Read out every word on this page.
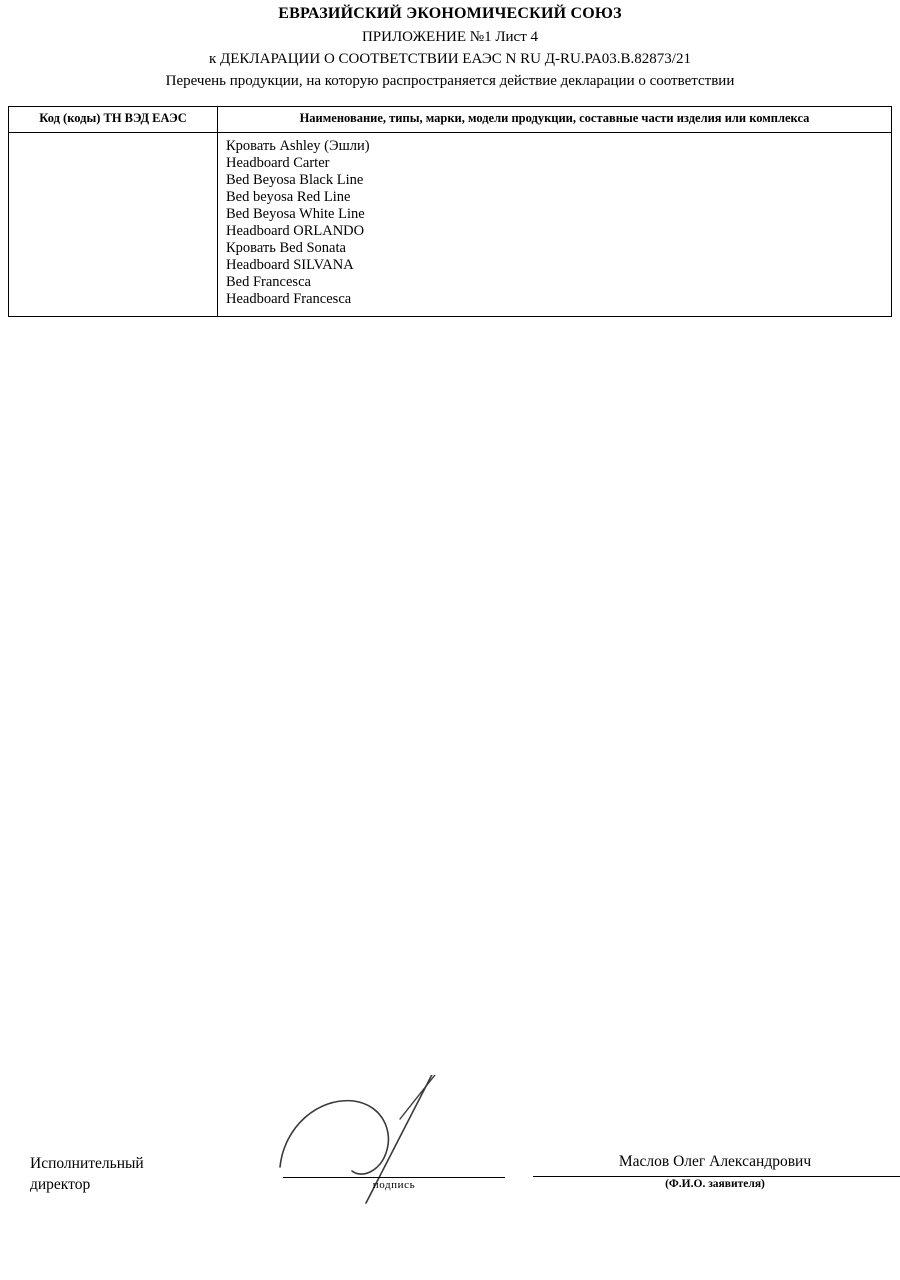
ЕВРАЗИЙСКИЙ ЭКОНОМИЧЕСКИЙ СОЮЗ
ПРИЛОЖЕНИЕ №1 Лист 4
к ДЕКЛАРАЦИИ О СООТВЕТСТВИИ ЕАЭС N RU Д-RU.РА03.В.82873/21
Перечень продукции, на которую распространяется действие декларации о соответствии
Код (коды) ТН ВЭД ЕАЭС	Наименование, типы, марки, модели продукции, составные части изделия или комплекса

Кровать Ashley (Эшли)
Headboard Carter
Bed Beyosa Black Line
Bed beyosa Red Line
Bed Beyosa White Line
Headboard ORLANDO
Кровать Bed Sonata
Headboard SILVANA
Bed Francesca
Headboard Francesca
Исполнительный
директор	подпись
Маслов Олег Александрович
(Ф.И.О. заявителя)
